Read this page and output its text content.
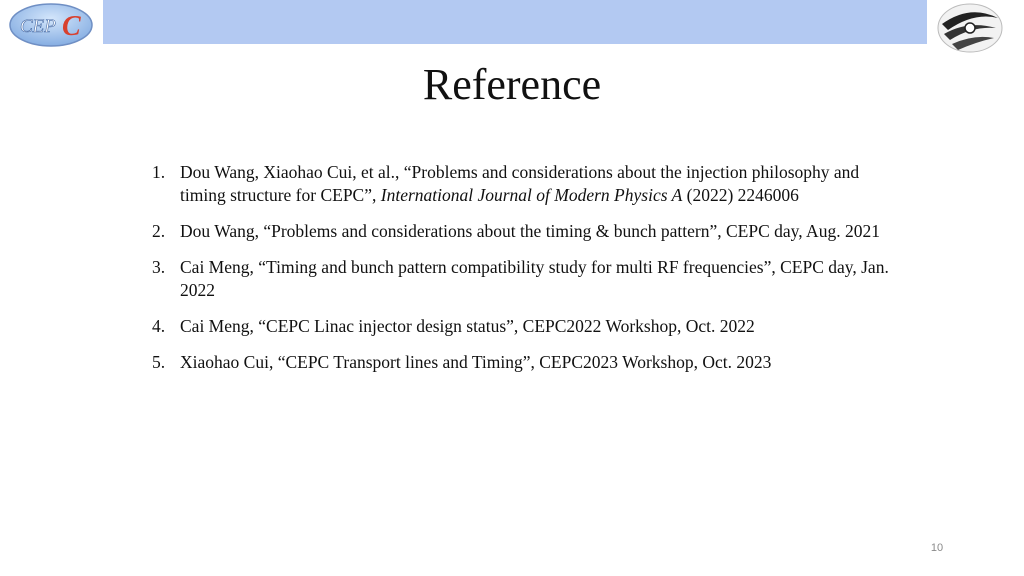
CEP C
Reference
1. Dou Wang, Xiaohao Cui, et al., “Problems and considerations about the injection philosophy and timing structure for CEPC”, International Journal of Modern Physics A (2022) 2246006
2. Dou Wang, “Problems and considerations about the timing & bunch pattern”, CEPC day, Aug. 2021
3. Cai Meng, “Timing and bunch pattern compatibility study for multi RF frequencies”, CEPC day, Jan. 2022
4. Cai Meng, “CEPC Linac injector design status”, CEPC2022 Workshop, Oct. 2022
5. Xiaohao Cui, “CEPC Transport lines and Timing”, CEPC2023 Workshop, Oct. 2023
10
